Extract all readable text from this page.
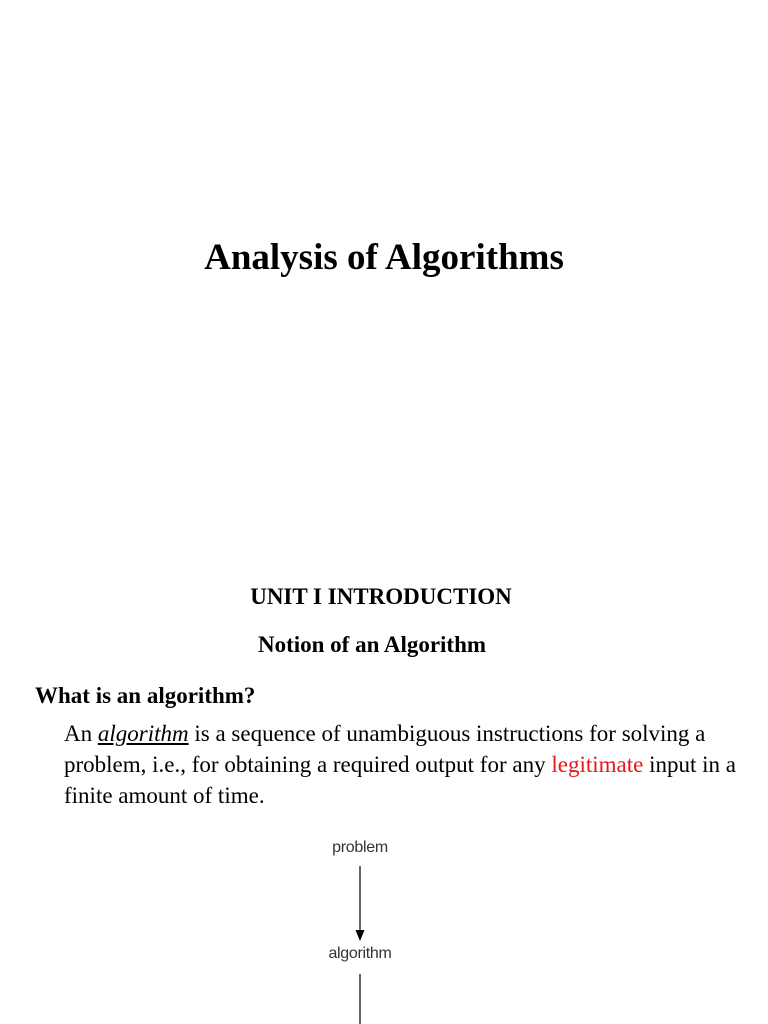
Analysis of Algorithms
UNIT I INTRODUCTION
Notion of an Algorithm

What is an algorithm?

An algorithm is a sequence of unambiguous instructions for solving a problem, i.e., for obtaining a required output for any legitimate input in a finite amount of time.

problem
algorithm
